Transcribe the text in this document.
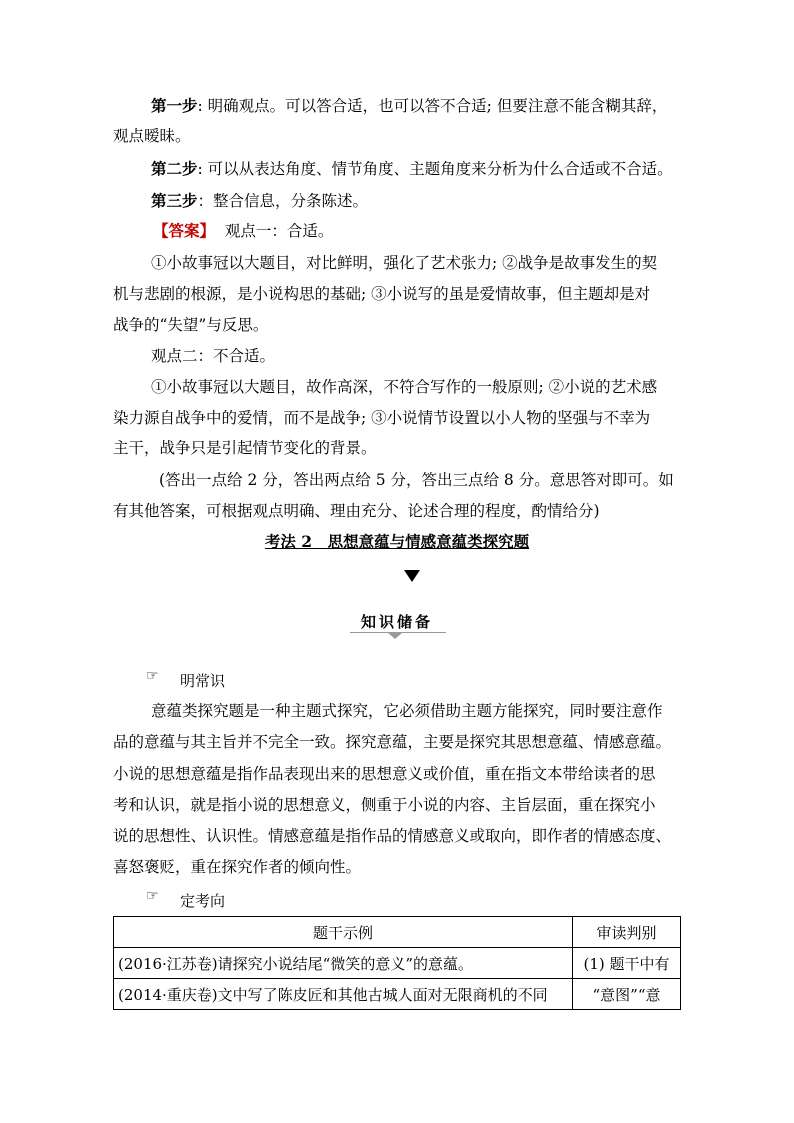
第一步: 明确观点。可以答合适，也可以答不合适; 但要注意不能含糊其辞，
观点暧昧。
第二步: 可以从表达角度、情节角度、主题角度来分析为什么合适或不合适。
第三步：整合信息，分条陈述。
【答案】 观点一：合适。
①小故事冠以大题目，对比鲜明，强化了艺术张力; ②战争是故事发生的契
机与悲剧的根源，是小说构思的基础; ③小说写的虽是爱情故事，但主题却是对
战争的“失望”与反思。
观点二：不合适。
①小故事冠以大题目，故作高深，不符合写作的一般原则; ②小说的艺术感
染力源自战争中的爱情，而不是战争; ③小说情节设置以小人物的坚强与不幸为
主干，战争只是引起情节变化的背景。
(答出一点给 2 分，答出两点给 5 分，答出三点给 8 分。意思答对即可。如
有其他答案，可根据观点明确、理由充分、论述合理的程度，酌情给分)
考法 2　思想意蕴与情感意蕴类探究题
知识储备
☞ 明常识
意蕴类探究题是一种主题式探究，它必须借助主题方能探究，同时要注意作
品的意蕴与其主旨并不完全一致。探究意蕴，主要是探究其思想意蕴、情感意蕴。
小说的思想意蕴是指作品表现出来的思想意义或价值，重在指文本带给读者的思
考和认识，就是指小说的思想意义，侧重于小说的内容、主旨层面，重在探究小
说的思想性、认识性。情感意蕴是指作品的情感意义或取向，即作者的情感态度、
喜怒褒贬，重在探究作者的倾向性。
☞ 定考向
题干示例	审读判别
(2016·江苏卷)请探究小说结尾“微笑的意义”的意蕴。	(1) 题干中有
(2014·重庆卷)文中写了陈皮匠和其他古城人面对无限商机的不同	“意图”“意
